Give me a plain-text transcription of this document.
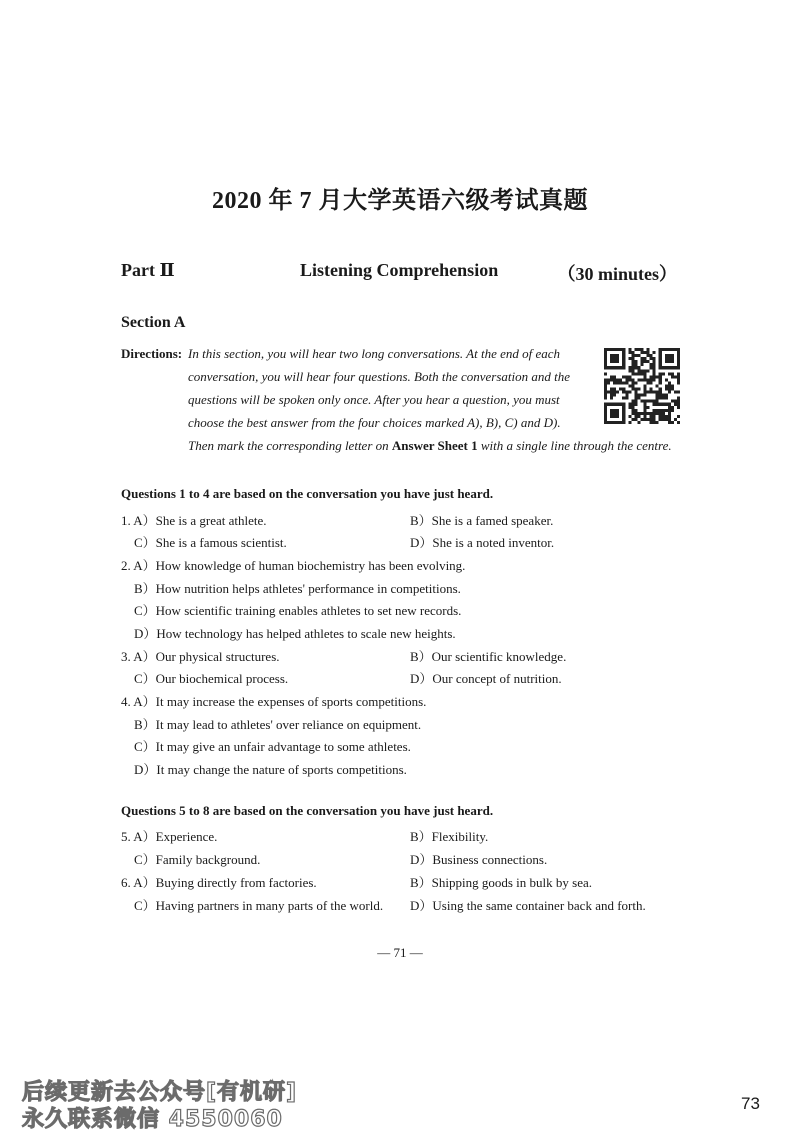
2020 年 7 月大学英语六级考试真题
Part Ⅱ	Listening Comprehension	（30 minutes）
Section A
Directions: In this section, you will hear two long conversations. At the end of each
conversation, you will hear four questions. Both the conversation and the
questions will be spoken only once. After you hear a question, you must
choose the best answer from the four choices marked A), B), C) and D).
Then mark the corresponding letter on Answer Sheet 1 with a single line through the centre.
Questions 1 to 4 are based on the conversation you have just heard.
1. A）She is a great athlete.	B）She is a famed speaker.
C）She is a famous scientist.	D）She is a noted inventor.
2. A）How knowledge of human biochemistry has been evolving.
B）How nutrition helps athletes' performance in competitions.
C）How scientific training enables athletes to set new records.
D）How technology has helped athletes to scale new heights.
3. A）Our physical structures.	B）Our scientific knowledge.
C）Our biochemical process.	D）Our concept of nutrition.
4. A）It may increase the expenses of sports competitions.
B）It may lead to athletes' over reliance on equipment.
C）It may give an unfair advantage to some athletes.
D）It may change the nature of sports competitions.
Questions 5 to 8 are based on the conversation you have just heard.
5. A）Experience.	B）Flexibility.
C）Family background.	D）Business connections.
6. A）Buying directly from factories.	B）Shipping goods in bulk by sea.
C）Having partners in many parts of the world. D）Using the same container back and forth.
— 71 —
后续更新去公众号[有机研]
永久联系微信 4550060
73
